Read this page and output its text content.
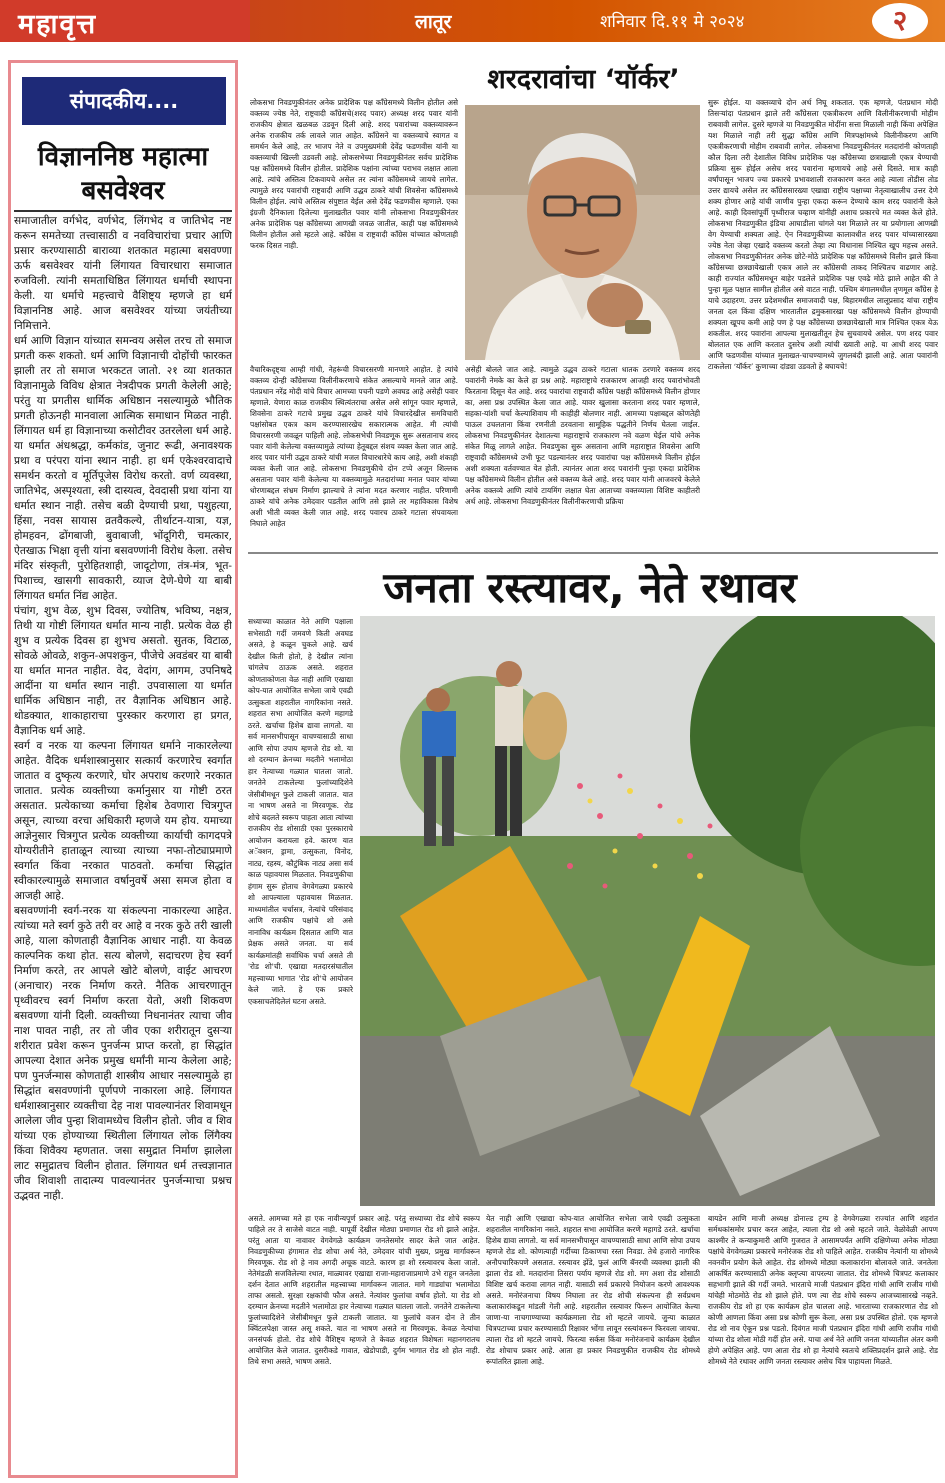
महावृत्त	लातूर	शनिवार दि.११ मे २०२४	२
संपादकीय....
विज्ञाननिष्ठ महात्मा बसवेश्वर

समाजातील वर्गभेद, वर्णभेद, लिंगभेद व जातिभेद नष्ट करून समतेच्या तत्त्वासाठी व नवविचारांचा प्रचार आणि प्रसार करण्यासाठी बाराव्या शतकात महात्मा बसवण्णा ऊर्फ बसवेश्वर यांनी लिंगायत विचारधारा समाजात रुजविली. त्यांनी समताधिष्ठित लिंगायत धर्माची स्थापना केली. या धर्माचे महत्त्वाचे वैशिष्ट्य म्हणजे हा धर्म विज्ञाननिष्ठ आहे. आज बसवेश्वर यांच्या जयंतीच्या निमित्ताने.

धर्म आणि विज्ञान यांच्यात समन्वय असेल तरच तो समाज प्रगती करू शकतो. धर्म आणि विज्ञानाची दोहोंची फारकत झाली तर तो समाज भरकटत जातो. २१ व्या शतकात विज्ञानामुळे विविध क्षेत्रात नेत्रदीपक प्रगती केलेली आहे; परंतु या प्रगतीस धार्मिक अधिष्ठान नसल्यामुळे भौतिक प्रगती होऊनही मानवाला आत्मिक समाधान मिळत नाही. लिंगायत धर्म हा विज्ञानाच्या कसोटीवर उतरलेला धर्म आहे. या धर्मात अंधश्रद्धा, कर्मकांड, जुनाट रूढी, अनावश्यक प्रथा व परंपरा यांना स्थान नाही. हा धर्म एकेश्वरवादाचे समर्थन करतो व मूर्तिपूजेस विरोध करतो. वर्ण व्यवस्था, जातिभेद, अस्पृश्यता, स्त्री दास्यत्व, देवदासी प्रथा यांना या धर्मात स्थान नाही. तसेच बळी देण्याची प्रथा, पशुहत्या, हिंसा, नवस सायास व्रतवैकल्ये, तीर्थाटन-यात्रा, यज्ञ, होमहवन, ढोंगबाजी, बुवाबाजी, भोंदूगिरी, चमत्कार, ऐतखाऊ भिक्षा वृत्ती यांना बसवण्णांनी विरोध केला. तसेच मंदिर संस्कृती, पुरोहितशाही, जादूटोणा, तंत्र-मंत्र, भूत-पिशाच्च, खासगी सावकारी, व्याज देणे-घेणे या बाबी लिंगायत धर्मात निंद्य आहेत.

पंचांग, शुभ वेळ, शुभ दिवस, ज्योतिष, भविष्य, नक्षत्र, तिथी या गोष्टी लिंगायत धर्मात मान्य नाही. प्रत्येक वेळ ही शुभ व प्रत्येक दिवस हा शुभच असतो. सुतक, विटाळ, सोवळे ओवळे, शकुन-अपशकुन, पीजेचे अवडंबर या बाबी या धर्मात मानत नाहीत. वेद, वेदांग, आगम, उपनिषदे आदींना या धर्मात स्थान नाही. उपवासाला या धर्मात धार्मिक अधिष्ठान नाही, तर वैज्ञानिक अधिष्ठान आहे. थोडक्यात, शाकाहाराचा पुरस्कार करणारा हा प्रगत, वैज्ञानिक धर्म आहे.

स्वर्ग व नरक या कल्पना लिंगायत धर्माने नाकारलेल्या आहेत. वैदिक धर्मशास्त्रानुसार सत्कार्य करणारेच स्वर्गात जातात व दुष्कृत्य करणारे, घोर अपराध करणारे नरकात जातात. प्रत्येक व्यक्तीच्या कर्मानुसार या गोष्टी ठरत असतात. प्रत्येकाच्या कर्माचा हिशेब ठेवणारा चित्रगुप्त असून, त्याच्या वरचा अधिकारी म्हणजे यम होय. यमाच्या आज्ञेनुसार चित्रगुप्त प्रत्येक व्यक्तीच्या कार्याची कागदपत्रे योग्यरीतीने हाताळून त्याच्या त्याच्या नफा-तोट्याप्रमाणे स्वर्गात किंवा नरकात पाठवतो. कर्माचा सिद्धांत स्वीकारल्यामुळे समाजात वर्षानुवर्षे असा समज होता व आजही आहे.

बसवण्णांनी स्वर्ग-नरक या संकल्पना नाकारल्या आहेत. त्यांच्या मते स्वर्ग कुठे तरी वर आहे व नरक कुठे तरी खाली आहे, याला कोणताही वैज्ञानिक आधार नाही. या केवळ काल्पनिक कथा होत. सत्य बोलणे, सदाचरण हेच स्वर्ग निर्माण करते, तर आपले खोटे बोलणे, वाईट आचरण (अनाचार) नरक निर्माण करते. नैतिक आचरणातून पृथ्वीवरच स्वर्ग निर्माण करता येतो, अशी शिकवण बसवण्णा यांनी दिली. व्यक्तीच्या निधनानंतर त्याचा जीव नाश पावत नाही, तर तो जीव एका शरीरातून दुसऱ्या शरीरात प्रवेश करून पुनर्जन्म प्राप्त करतो, हा सिद्धांत आपल्या देशात अनेक प्रमुख धर्मांनी मान्य केलेला आहे; पण पुनर्जन्मास कोणताही शास्त्रीय आधार नसल्यामुळे हा सिद्धांत बसवण्णांनी पूर्णपणे नाकारला आहे. लिंगायत धर्मशास्त्रानुसार व्यक्तीचा देह नाश पावल्यानंतर शिवामधून आलेला जीव पुन्हा शिवामध्येच विलीन होतो. जीव व शिव यांच्या एक होण्याच्या स्थितीला लिंगायत लोक लिंगैक्य किंवा शिवैक्य म्हणतात. जसा समुद्रात निर्माण झालेला लाट समुद्रातच विलीन होतात. लिंगायत धर्म तत्त्वज्ञानात जीव शिवाशी तादात्म्य पावल्यानंतर पुनर्जन्माचा प्रश्नच उद्भवत नाही.

शरदरावांचा ‘यॉर्कर’

लोकसभा निवडणुकीनंतर अनेक प्रादेशिक पक्ष काँग्रेसमध्ये विलीन होतील असे वक्तव्य ज्येष्ठ नेते, राष्ट्रवादी काँग्रेसचे(शरद पवार) अध्यक्ष शरद पवार यांनी राजकीय क्षेत्रात खळबळ उडवून दिली आहे. शरद पवारांच्या वक्तव्यावरून अनेक राजकीय तर्क लावले जात आहेत. काँग्रेसने या वक्तव्याचे स्वागत व समर्थन केले आहे, तर भाजप नेते व उपमुख्यमंत्री देवेंद्र फडणवीस यांनी या वक्तव्याची खिल्ली उडवली आहे. लोकसभेच्या निवडणुकीनंतर सर्वच प्रादेशिक पक्ष काँग्रेसमध्ये विलीन होतील. प्रादेशिक पक्षांना त्यांच्या पराभव लक्षात आला आहे. त्यांचे अस्तित्व टिकवायचे असेल तर त्यांना काँग्रेसमध्ये जायचे लागेल. त्यामुळे शरद पवारांची राष्ट्रवादी आणि उद्धव ठाकरे यांची शिवसेना काँग्रेसमध्ये विलीन होईल. त्यांचे अस्तित्व संपुष्टात येईल असे देवेंद्र फडणवीस म्हणाले. एका इंग्रजी दैनिकाला दिलेल्या मुलाखतीत पवार यांनी लोकसभा निवडणुकीनंतर अनेक प्रादेशिक पक्ष काँग्रेसच्या आणखी जवळ जातील, काही पक्ष काँग्रेसमध्ये विलीन होतील असे म्हटले आहे. काँग्रेस व राष्ट्रवादी काँग्रेस यांच्यात कोणताही फरक दिसत नाही.

वैचारिकदृष्ट्या आम्ही गांधी, नेहरूंची विचारसरणी मानणारे आहोत. हे त्यांचे वक्तव्य दोन्ही काँग्रेसच्या विलीनीकरणाचे संकेत असल्याचे मानले जात आहे. पंतप्रधान नरेंद्र मोदी यांचे विचार आमच्या पचनी पडणे अवघड आहे असेही पवार म्हणाले. येणारा काळ राजकीय स्थित्यंतराचा असेल असे सांगून पवार म्हणाले, शिवसेना ठाकरे गटाचे प्रमुख उद्धव ठाकरे यांचे विचारदेखील समविचारी पक्षांसोबत एकत्र काम करण्यासारखेच सकारात्मक आहेत. मी त्यांची विचारसरणी जवळून पाहिली आहे. लोकसभेची निवडणूक सुरू असतानाच शरद पवार यांनी केलेल्या वक्तव्यामुळे त्यांच्या हेतूबद्दल संशय व्यक्त केला जात आहे. शरद पवार यांनी उद्धव ठाकरे यांची मजल विचारधारेचे काय आहे, अशी शंकाही व्यक्त केली जात आहे. लोकसभा निवडणुकीचे दोन टप्पे अजून शिल्लक असताना पवार यांनी केलेल्या या वक्तव्यामुळे मतदारांच्या मनात पवार यांच्या धोरणाबद्दल संभ्रम निर्माण झाल्याचे ते त्यांना मदत करणार नाहीत. परिणामी ठाकरे यांचे अनेक उमेदवार पडतील आणि तसे झाले तर महाविकास विशेष अशी भीती व्यक्त केली जात आहे. शरद पवारच ठाकरे गटाला संपवायला निघाले आहेत

असेही बोलले जात आहे. त्यामुळे उद्धव ठाकरे गटाला धातक ठरणारे वक्तव्य शरद पवारांनी नेमके का केले हा प्रश्न आहे. महाराष्ट्राचे राजकारण आजही शरद पवारांभोवती फिरताना दिसून येत आहे. शरद पवारांचा राष्ट्रवादी काँग्रेस पक्षही काँग्रेसमध्ये विलीन होणार का, असा प्रश्न उपस्थित केला जात आहे. यावर खुलासा करताना शरद पवार म्हणाले, सहका-यांशी चर्चा केल्याशिवाय मी काहीही बोलणार नाही. आमच्या पक्षाबद्दल कोणतेही पाऊल उचलताना किंवा रणनीती ठरवताना सामूहिक पद्धतीने निर्णय घेतला जाईल. लोकसभा निवडणुकीनंतर देशातल्या महाराष्ट्राचे राजकारण नवे वळण घेईल यांचे अनेक संकेत मिळू लागले आहेत. निवडणुका सुरू असताना आणि महाराष्ट्रात शिवसेना आणि राष्ट्रवादी काँग्रेसमध्ये उभी फूट पडल्यानंतर शरद पवारांचा पक्ष काँग्रेसमध्ये विलीन होईल अशी शक्यता वर्तवण्यात येत होती. त्यानंतर आता शरद पवारांनी पुन्हा एकदा प्रादेशिक पक्ष काँग्रेसमध्ये विलीन होतील असे वक्तव्य केले आहे. शरद पवार यांनी आजवरचे केलेले अनेक वक्तव्ये आणि त्यांचे टायमिंग लक्षात घेता आताच्या वक्तव्याला विशिष्ट काहीतरी अर्थ आहे. लोकसभा निवडणुकीनंतर विलीनीकरणाची प्रक्रिया

सुरू होईल. या वक्तव्याचे दोन अर्थ निघू शकतात. एक म्हणजे, पंतप्रधान मोदी तिसऱ्यांदा पंतप्रधान झाले तरी काँग्रेसला एकत्रीकरण आणि विलीनीकरणाची मोहीम राबवावी लागेल. दुसरे म्हणजे या निवडणुकीत मोदींना सत्ता मिळाली नाही किंवा अपेक्षित यश मिळाले नाही तरी सुद्धा काँग्रेस आणि मित्रपक्षांमध्ये विलीनीकरण आणि एकत्रीकरणाची मोहीम राबवावी लागेल. लोकसभा निवडणुकीनंतर मतदारांनी कोणताही कौल दिला तरी देशातील विविध प्रादेशिक पक्ष काँग्रेसच्या छत्राखाली एकत्र येण्याची प्रक्रिया सुरू होईल असेच शरद पवारांना म्हणायचे आहे असे दिसते. मात्र काही वर्षांपासून भाजप ज्या प्रकारचे प्रभावशाली राजकारण करत आहे त्याला तोडीस तोड उत्तर द्यायचे असेल तर काँग्रेससारख्या एखाद्या राष्ट्रीय पक्षाच्या नेतृत्वाखालीच उत्तर देणे शक्य होणार आहे यांची जाणीव पुन्हा एकदा करून देण्याचे काम शरद पवारांनी केले आहे. काही दिवसांपूर्वी पृथ्वीराज चव्हाण यांनीही अशाच प्रकारचे मत व्यक्त केले होते. लोकसभा निवडणुकीत इंडिया आघाडीला चांगले यश मिळाले तर या प्रयोगाला आणखी वेग येण्याची शक्यता आहे. ऐन निवडणुकीच्या कालावधीत शरद पवार यांच्यासारख्या ज्येष्ठ नेता जेव्हा एखादे वक्तव्य करतो तेव्हा त्या विधानास निश्चित खूप महत्त्व असते. लोकसभा निवडणुकीनंतर अनेक छोटे-मोठे प्रादेशिक पक्ष काँग्रेसमध्ये विलीन झाले किंवा काँग्रेसच्या छत्रछायेखाली एकत्र आले तर काँग्रेसची ताकद निश्चितच वाढणार आहे. काही राज्यांत काँग्रेसमधून बाहेर पडलेले प्रादेशिक पक्ष एवढे मोठे झाले आहेत की ते पुन्हा मूळ पक्षात सामील होतील असे वाटत नाही. पश्चिम बंगालमधील तृणमूल काँग्रेस हे याचे उदाहरण. उत्तर प्रदेशमधील समाजवादी पक्ष, बिहारमधील लालूप्रसाद यांचा राष्ट्रीय जनता दल किंवा दक्षिण भारतातील द्रमुकसारखा पक्ष काँग्रेसमध्ये विलीन होण्याची शक्यता खूपच कमी आहे पण हे पक्ष काँग्रेसच्या छत्रछायेखाली मात्र निश्चित एकत्र येऊ शकतील. शरद पवारांना आपल्या मुलाखतीतून हेच सुचवायचे असेल. पण शरद पवार बोलतात एक आणि करतात दुसरेच अशी त्यांची ख्याती आहे. या आधी शरद पवार आणि फडणवीस यांच्यात मुलाखत-चाचण्यामध्ये जुगलबंदी झाली आहे. आता पवारांनी टाकलेला ‘यॉर्कर’ कुणाच्या दांड्या उडवतो हे बघायचे!

जनता रस्त्यावर, नेते रथावर

सध्याच्या काळात नेते आणि पक्षाला सभेसाठी गर्दी जमवणे किती अवघड असते, हे कळून चुकले आहे. खर्च देखील किती होतो, हे देखील त्यांना चांगलेच ठाऊक असते. शहरात कोणताकोणता वेळ नाही आणि एखाद्या कोप-यात आयोजित सभेला जाये एवढी उत्सुकता शहरातील नागरिकांना नसते. शहरात सभा आयोजित करणे महागडे ठरते. खर्चाचा हिशेब द्यावा लागतो. या सर्व मानसभीपासून वाचण्यासाठी साधा आणि सोपा उपाय म्हणजे रोड शो. या शो दरम्यान क्रेनच्या मदतीने भलामोठा हार नेत्याच्या गळ्यात घातला जातो. जनतेने टाकलेल्या फुलांच्यादिशेने जेसीबीमधून फुले टाकली जातात. यात ना भाषण असते ना मिरवणूक. रोड शोचे बदलते स्वरूप पाहता आता त्यांच्या राजकीय रोड शोसाठी एका पुरस्काराचे आयोजन करायला हवे. कारण यात अॅक्शन, ड्रामा, उत्सुकता, विनोद, नाट्य, रहस्य, कौटुंबिक नाट्य असा सर्व काळ पहावयास मिळतात. निवडणुकीचा हंगाम सुरू होताच वेगवेगळ्या प्रकारचे शो आपल्याला पहावयास मिळतात. माध्यमांतील चर्चासत्र, नेत्यांचे परिसंवाद आणि राजकीय पक्षांचे शो असे नानाविध कार्यक्रम दिसतात आणि यात प्रेक्षक असते जनता. या सर्व कार्यक्रमांतही सर्वाधिक चर्चा असते ती 'रोड शो'ची. एखाद्या मतदारसंघातील महत्त्वाच्या भागात 'रोड शो'चे आयोजन केले जाते. हे एक प्रकारे एकसाचलेदिलेलं घटना असते.

असते. आमच्या मते हा एक नावीन्यपूर्ण प्रकार आहे. परंतु सध्याच्या रोड शोचे स्वरूप पाहिले तर ते साजेसे वाटत नाही. यापूर्वी देखील मोठ्या प्रमाणात रोड शो झाले आहेत. परंतु आता या नावावर वेगवेगळे कार्यक्रम जनतेसमोर सादर केले जात आहेत. निवडणुकीच्या हंगामात रोड शोचा अर्थ नेते, उमेदवार यांची मुख्य, प्रमुख मार्गावरून मिरवणूक. रोड शो हे नाव अगदी अचूक वाटते. कारण हा शो रस्त्यावरच केला जातो. नेतेमंडळी सजविलेल्या रथात, माळ्यावर एखाद्या राजा-महाराजाप्रमाणे उभे राहून जनतेला दर्शन देतात आणि शहरातील महत्त्वाच्या मार्गावरून जातात. मागे गाड्यांचा भलामोठा ताफा असतो. सुरक्षा रक्षकांची फौज असते. नेत्यांवर फुलांचा वर्षाव होतो. या रोड शो दरम्यान क्रेनच्या मदतीने भलामोठा हार नेत्याच्या गळ्यात घातला जातो. जनतेने टाकलेल्या फुलांच्यादिशेने जेसीबीमधून फुले टाकली जातात. या फुलांचे वजन दोन ते तीन क्विंटलपेक्षा जास्त असू शकते. यात ना भाषण असते ना मिरवणूक. केवळ नेत्यांचा जनसंपर्क होतो. रोड शोचे वैशिष्ट्य म्हणजे ते केवळ शहरात विशेषतः महानगरातच आयोजित केले जातात. दुसरीकडे गावात, खेडोपाडी, दुर्गम भागात रोड शो होत नाही. तिथे सभा असते, भाषण असते.

येत नाही आणि एखाद्या कोप-यात आयोजित सभेला जाये एवढी उत्सुकता शहरातील नागरिकांना नसते. शहरात सभा आयोजित करणे महागडे ठरते. खर्चाचा हिशेब द्यावा लागतो. या सर्व मानसभीपासून वाचण्यासाठी साधा आणि सोपा उपाय म्हणजे रोड शो. कोणत्याही गर्दीच्या ठिकाणचा रस्ता निवडा. तेथे हजारो नागरिक अनौपचारिकपणे असतात. रस्त्यावर झेंडे, फुलं आणि बॅनरची व्यवस्था झाली की झाला रोड शो. मतदारांना तिसरा पर्याय म्हणजे रोड शो. मग अशा रोड शोसाठी विशिष्ट खर्च करावा लागत नाही. यासाठी सर्व प्रकारचे नियोजन करणे आवश्यक असते. मनोरंजनाचा विषय निघाला तर रोड शोची संकल्पना ही सर्वप्रथम कलाकारांकडून मांडली गेली आहे. शहरातील रस्त्यावर फिरून आयोजित केल्या जाणा-या नाचगाण्याच्या कार्यक्रमाला रोड शो म्हटले जायचे. जुन्या काळात चित्रपटाच्या प्रचार करण्यासाठी रिक्षावर भोंगा लावून रस्त्यांवरून फिरवला जायचा. त्याला रोड शो म्हटले जायचे. फिरत्या सर्कस किंवा मनोरंजनाचे कार्यक्रम देखील रोड शोचाच प्रकार आहे. आता हा प्रकार निवडणुकीत राजकीय रोड शोमध्ये रूपांतरित झाला आहे.

बायडेन आणि माजी अध्यक्ष डोनाल्ड ट्रम्प हे वेगवेगळ्या राज्यांत आणि शहरांत सर्मथकांसमोर प्रचार करत आहेत, त्याला रोड शो असे म्हटले जाते. वेळोवेळी आपण काश्मीर ते कन्याकुमारी आणि गुजरात ते आसामपर्यंत आणि दक्षिणेच्या अनेक मोठ्या पक्षांचे वेगवेगळ्या प्रकारचे मनोरंजक रोड शो पाहिले आहेत. राजकीय नेत्यांनी या शोमध्ये नवनवीन प्रयोग केले आहेत. रोड शोमध्ये मोठ्या कलाकारांना बोलावले जाते. जनतेला आकर्षित करण्यासाठी अनेक क्लृप्त्या वापरल्या जातात. रोड शोमध्ये चित्रपट कलाकार सहभागी झाले की गर्दी जमते. भारताचे माजी पंतप्रधान इंदिरा गांधी आणि राजीव गांधी यांचेही मोठमोठे रोड शो झाले होते. पण त्या रोड शोचे स्वरूप आजच्यासारखे नव्हते. राजकीय रोड शो हा एक कार्यक्रम होत चालला आहे. भारताच्या राजकारणात रोड शो कोणी आणला किंवा असा प्रश्न कोणी सुरू केला, असा प्रश्न उपस्थित होतो. एक म्हणजे रोड शो नाव ऐकून प्रश्न पडतो. दिवंगत माजी पंतप्रधान इंदिरा गांधी आणि राजीव गांधी यांच्या रोड शोला मोठी गर्दी होत असे. याचा अर्थ नेते आणि जनता यांच्यातील अंतर कमी होणे अपेक्षित आहे. पण आता रोड शो हा नेत्यांचे स्वतःचे शक्तिप्रदर्शन झाले आहे. रोड शोमध्ये नेते रथावर आणि जनता रस्त्यावर असेच चित्र पाहायला मिळते.
